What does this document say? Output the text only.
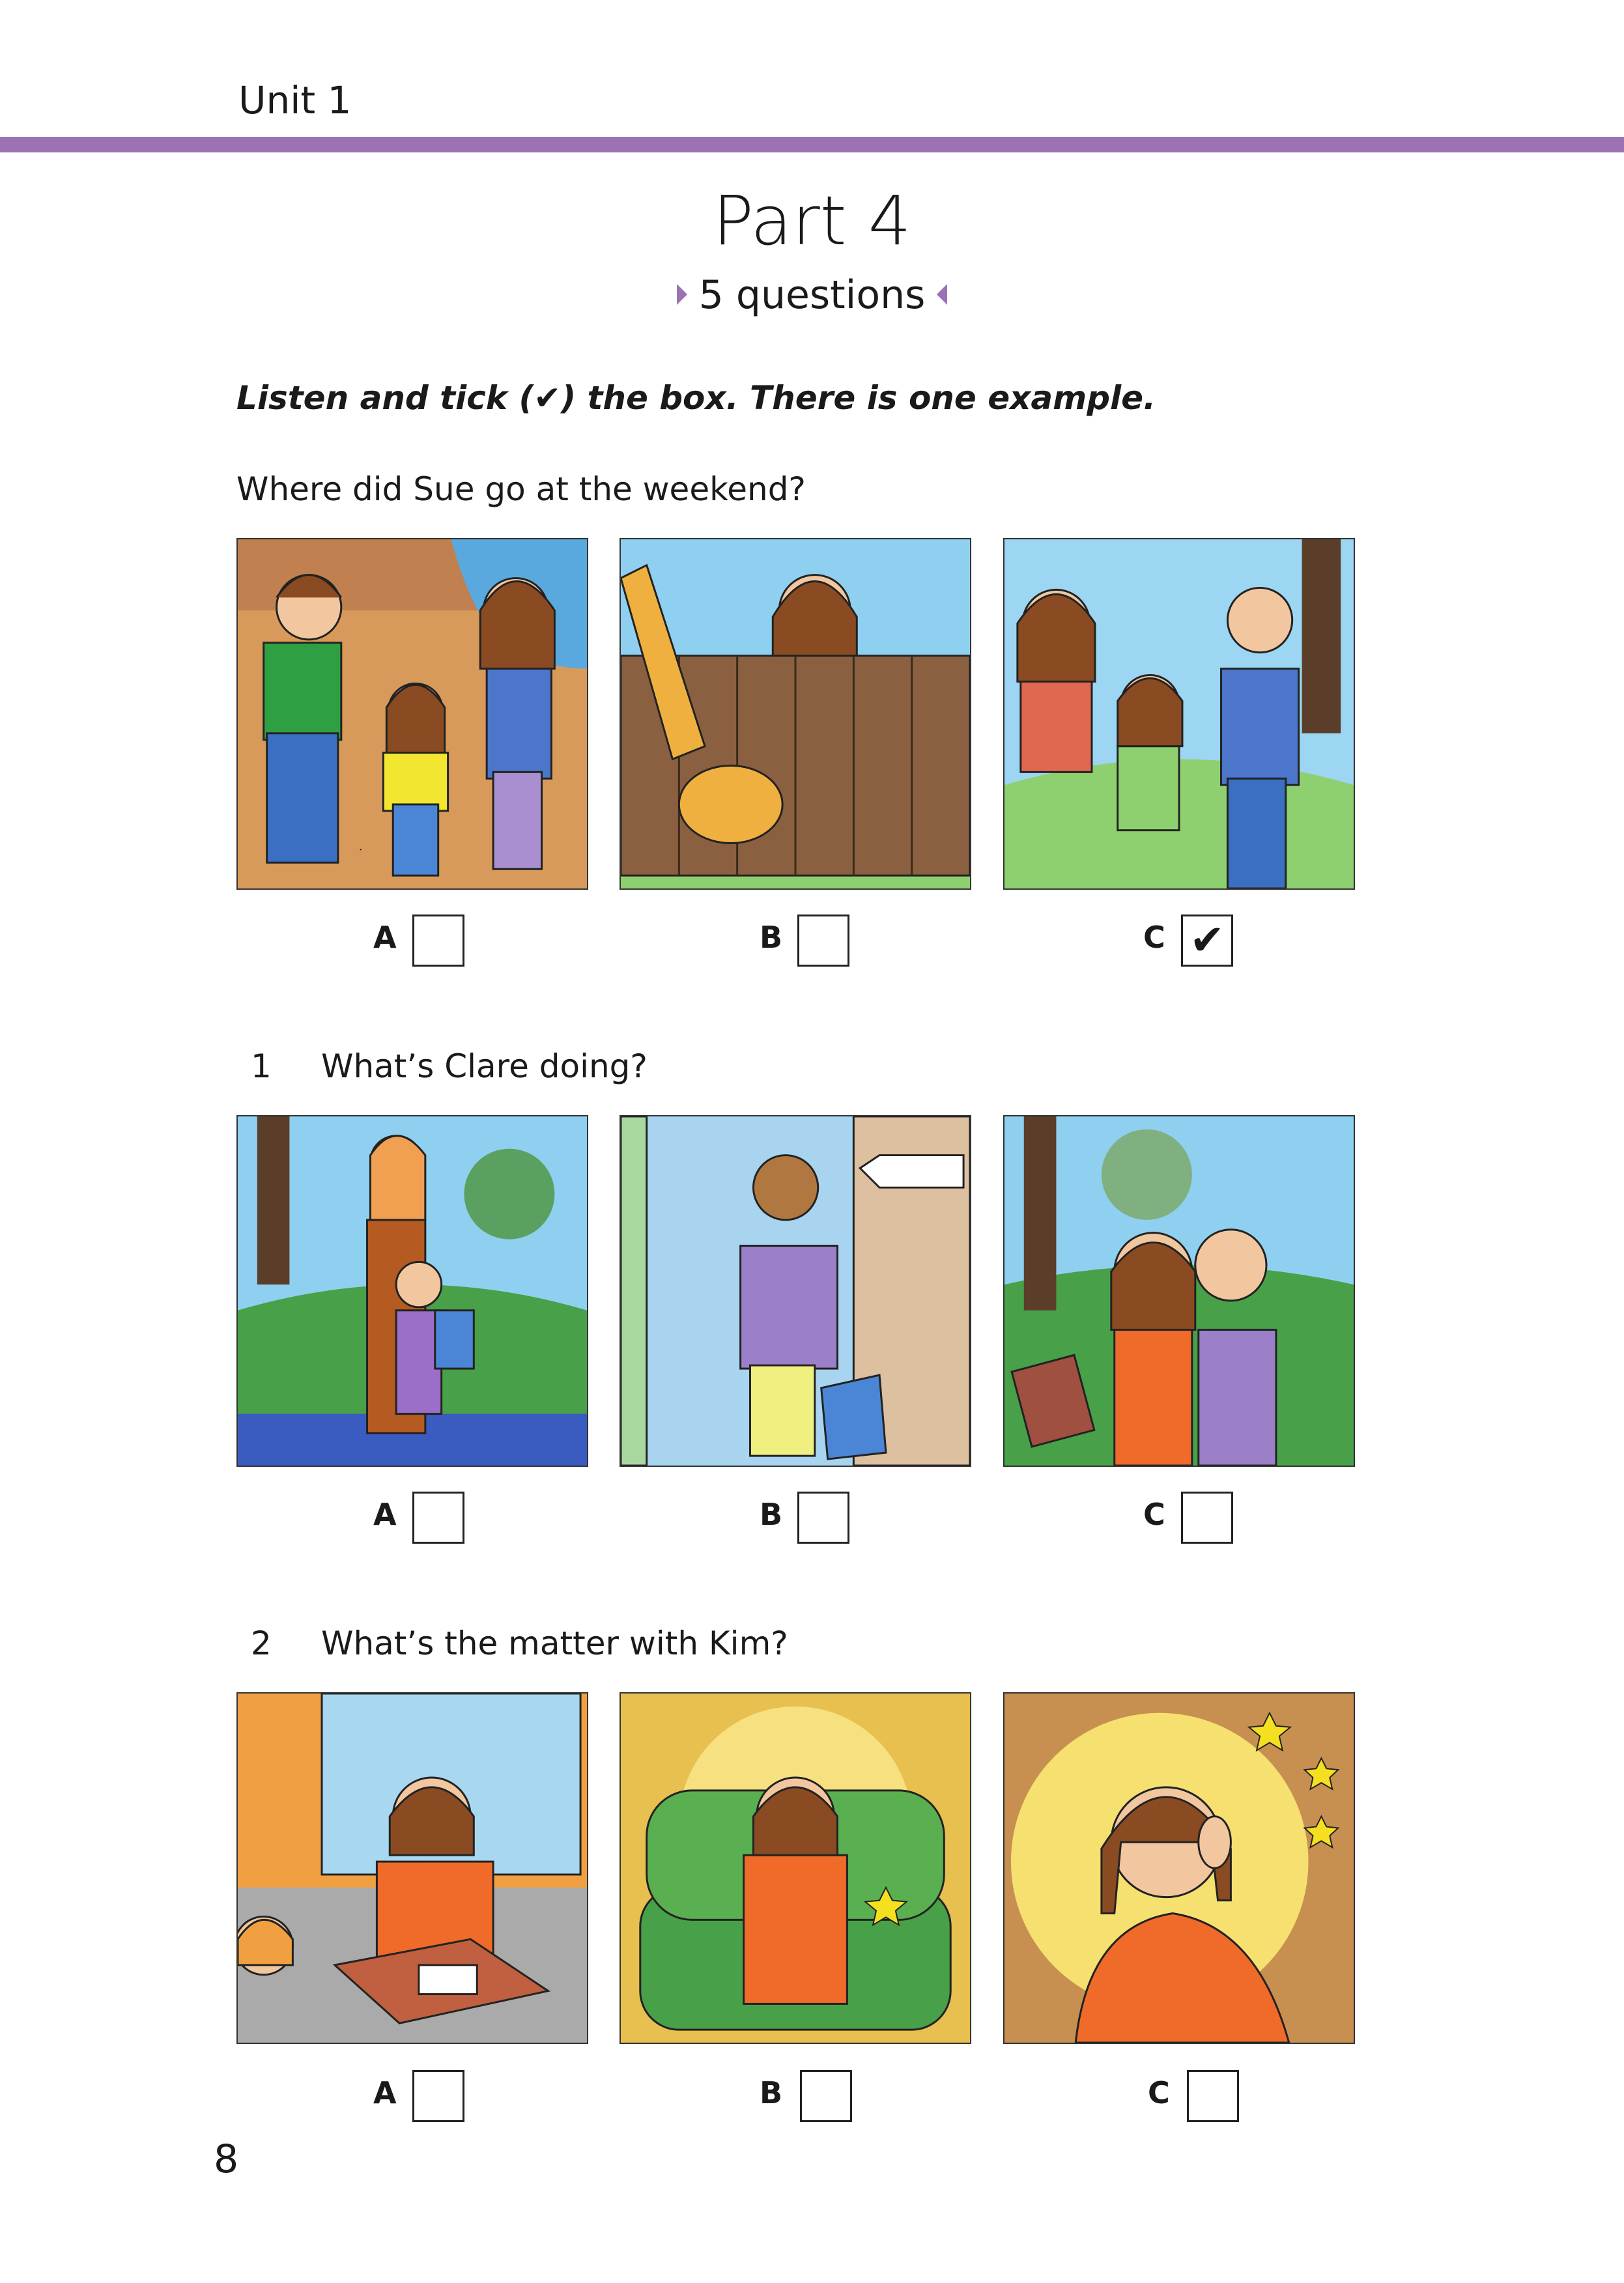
Unit 1
Part 4
5 questions
Listen and tick (✔) the box. There is one example.
Where did Sue go at the weekend?
A	B	C ✔
1 What’s Clare doing?
A	B	C
2 What’s the matter with Kim?
A	B	C
8
